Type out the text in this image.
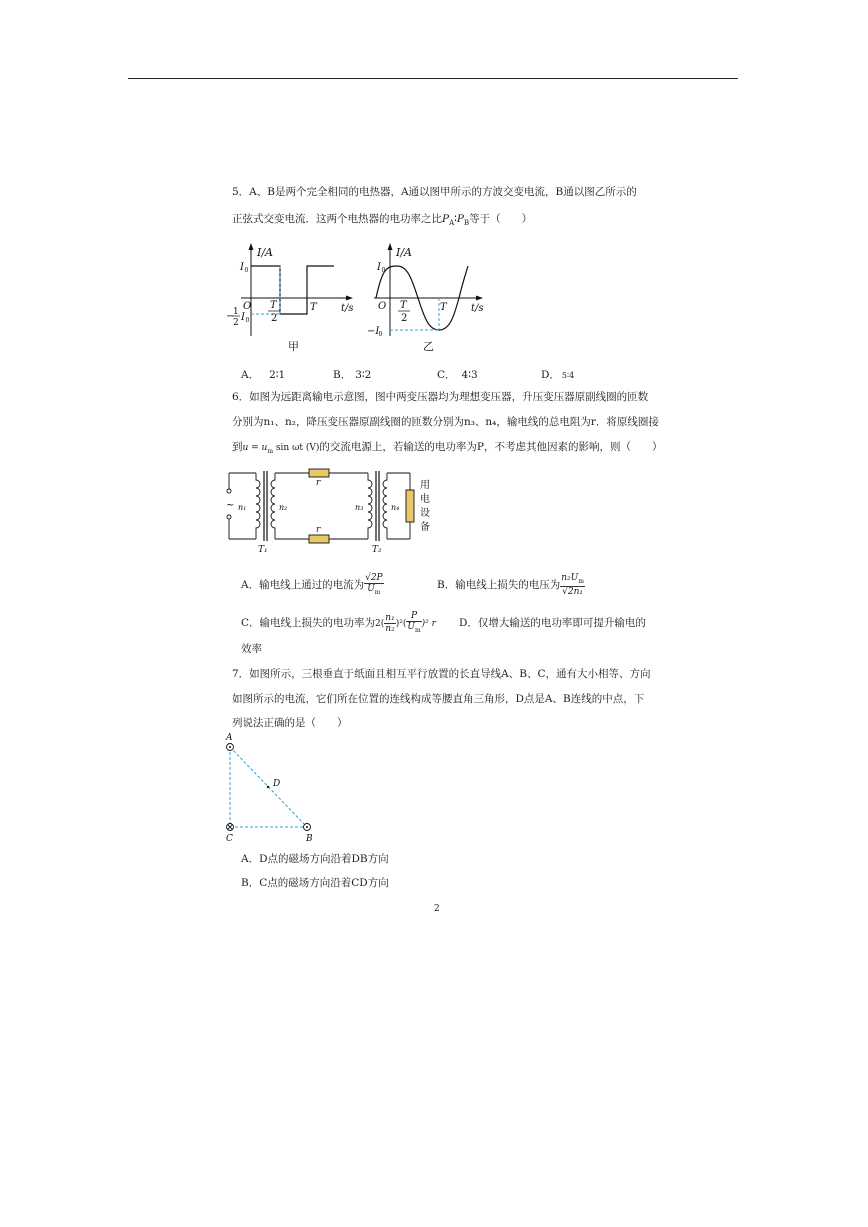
5．A、B是两个完全相同的电热器，A通以图甲所示的方波交变电流，B通以图乙所示的
正弦式交变电流．这两个电热器的电功率之比$P_A∶P_B$等于（　　）
I/A
I 0
O T
2
T t/s
−
1
2 I 0
甲
I/A
I 0
O T
2
T t/s
−I 0
乙
A． 2∶1	B． 3∶2	C． 4∶3	D． 5∶4
6．如图为远距离输电示意图，图中两变压器均为理想变压器，升压变压器原副线圈的匝数
分别为n₁、n₂，降压变压器原副线圈的匝数分别为n₃、n₄，输电线的总电阻为r．将原线圈接
到$u = u_m$ sin ωt (V)的交流电源上，若输送的电功率为P，不考虑其他因素的影响，则（　　）
r
r
~ n₁	n₂	n₃	n₄
T₁	T₂
用
电
设
备
A．输电线上通过的电流为 $\frac{√2P}{U_m}$	B．输电线上损失的电压为 $\frac{n_2U_m}{\text{√2n₁}}$
C．输电线上损失的电功率为$2( \frac{\text{n₁}}{\text{n₂}} )^2( \frac{P}{U_m} )^2$ r D．仅增大输送的电功率即可提升输电的
效率
7．如图所示，三根垂直于纸面且相互平行放置的长直导线A、B、C，通有大小相等、方向
如图所示的电流，它们所在位置的连线构成等腰直角三角形，D点是A、B连线的中点，下
列说法正确的是（　　）
A
B
C
D
A．D点的磁场方向沿着DB方向
B．C点的磁场方向沿着CD方向
2
